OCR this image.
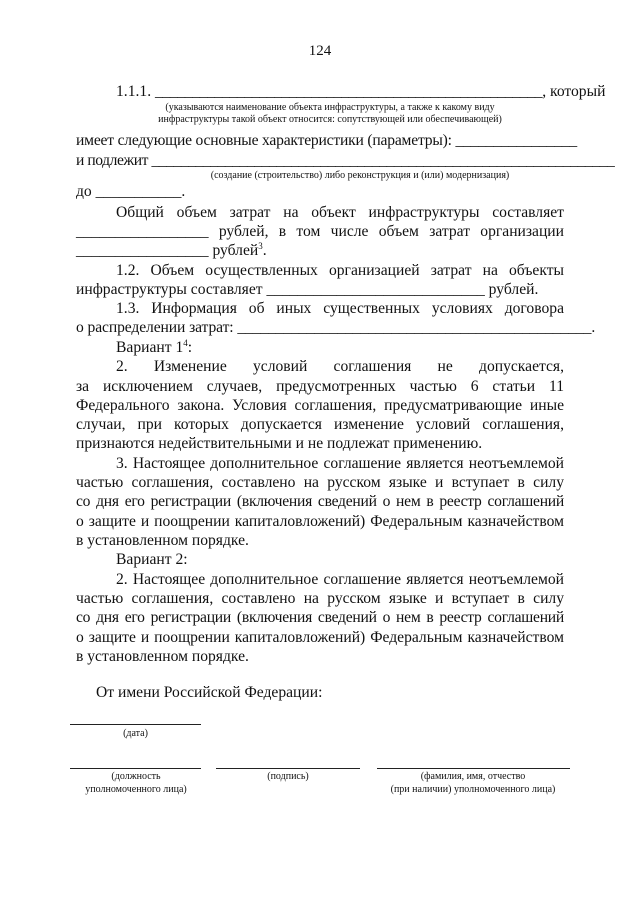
124
1.1.1. ____________________________________________________, который
(указываются наименование объекта инфраструктуры, а также к какому виду
инфраструктуры такой объект относится: сопутствующей или обеспечивающей)
имеет следующие основные характеристики (параметры): ________________
и подлежит _______________________________________________________________
(создание (строительство) либо реконструкция и (или) модернизация)
до ___________.
Общий объем затрат на объект инфраструктуры составляет
_________________ рублей, в том числе объем затрат организации
_________________ рублей$^3$.
1.2. Объем осуществленных организацией затрат на объекты
инфраструктуры составляет ____________________________ рублей.
1.3. Информация об иных существенных условиях договора
о распределении затрат: ______________________________________________.
Вариант $1^4$:
2. Изменение условий соглашения не допускается,
за исключением случаев, предусмотренных частью 6 статьи 11
Федерального закона. Условия соглашения, предусматривающие иные
случаи, при которых допускается изменение условий соглашения,
признаются недействительными и не подлежат применению.
3. Настоящее дополнительное соглашение является неотъемлемой
частью соглашения, составлено на русском языке и вступает в силу
со дня его регистрации (включения сведений о нем в реестр соглашений
о защите и поощрении капиталовложений) Федеральным казначейством
в установленном порядке.
Вариант 2:
2. Настоящее дополнительное соглашение является неотъемлемой
частью соглашения, составлено на русском языке и вступает в силу
со дня его регистрации (включения сведений о нем в реестр соглашений
о защите и поощрении капиталовложений) Федеральным казначейством
в установленном порядке.
От имени Российской Федерации:
(дата)
(должность
уполномоченного лица)
(подпись)	(фамилия, имя, отчество
(при наличии) уполномоченного лица)
